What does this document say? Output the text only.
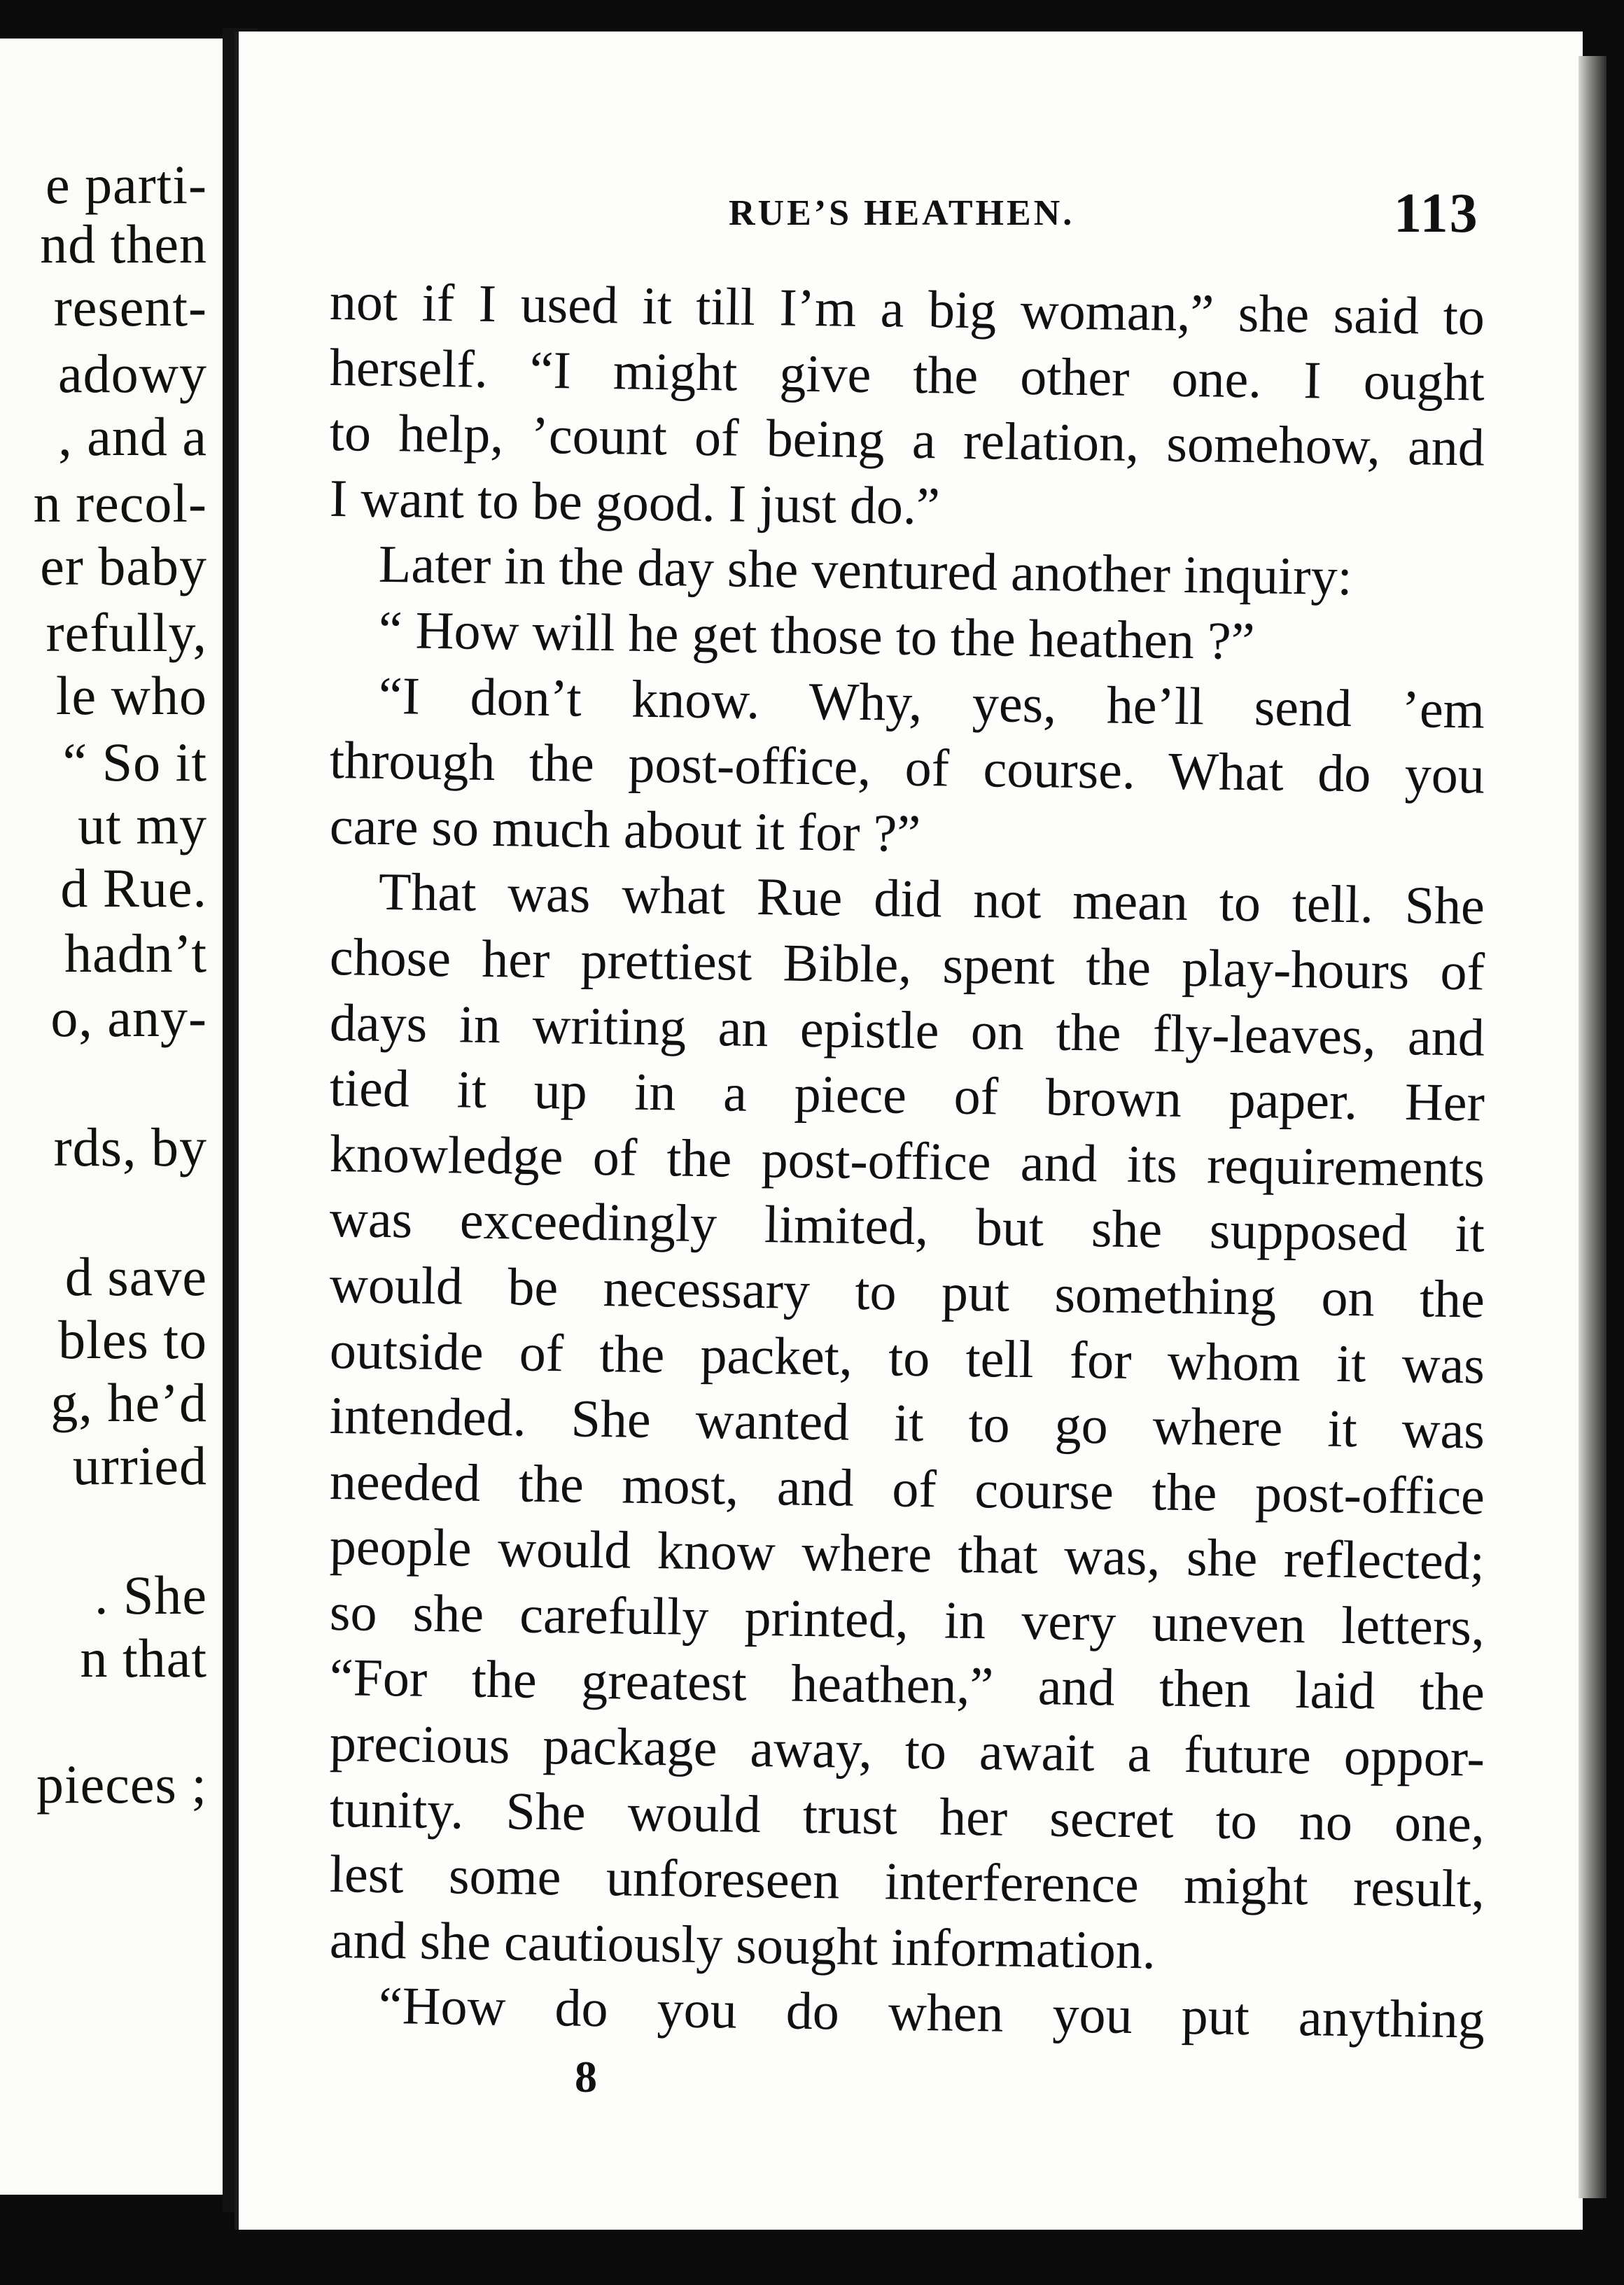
e parti-
nd then
resent-
adowy
, and a
n recol-
er baby
refully,
le who
“ So it
ut my
d Rue.
hadn’t
o, any-
rds, by
d save
bles to
g, he’d
urried
. She
n that
pieces ;
RUE’S HEATHEN.	113
not if I used it till I’m a big woman,” she said to
herself. “I might give the other one. I ought
to help, ’count of being a relation, somehow, and
I want to be good. I just do.”
Later in the day she ventured another inquiry:
“ How will he get those to the heathen ?”
“I don’t know. Why, yes, he’ll send ’em
through the post-office, of course. What do you
care so much about it for ?”
That was what Rue did not mean to tell. She
chose her prettiest Bible, spent the play-hours of
days in writing an epistle on the fly-leaves, and
tied it up in a piece of brown paper. Her
knowledge of the post-office and its requirements
was exceedingly limited, but she supposed it
would be necessary to put something on the
outside of the packet, to tell for whom it was
intended. She wanted it to go where it was
needed the most, and of course the post-office
people would know where that was, she reflected;
so she carefully printed, in very uneven letters,
“For the greatest heathen,” and then laid the
precious package away, to await a future oppor-
tunity. She would trust her secret to no one,
lest some unforeseen interference might result,
and she cautiously sought information.
“How do you do when you put anything
8
